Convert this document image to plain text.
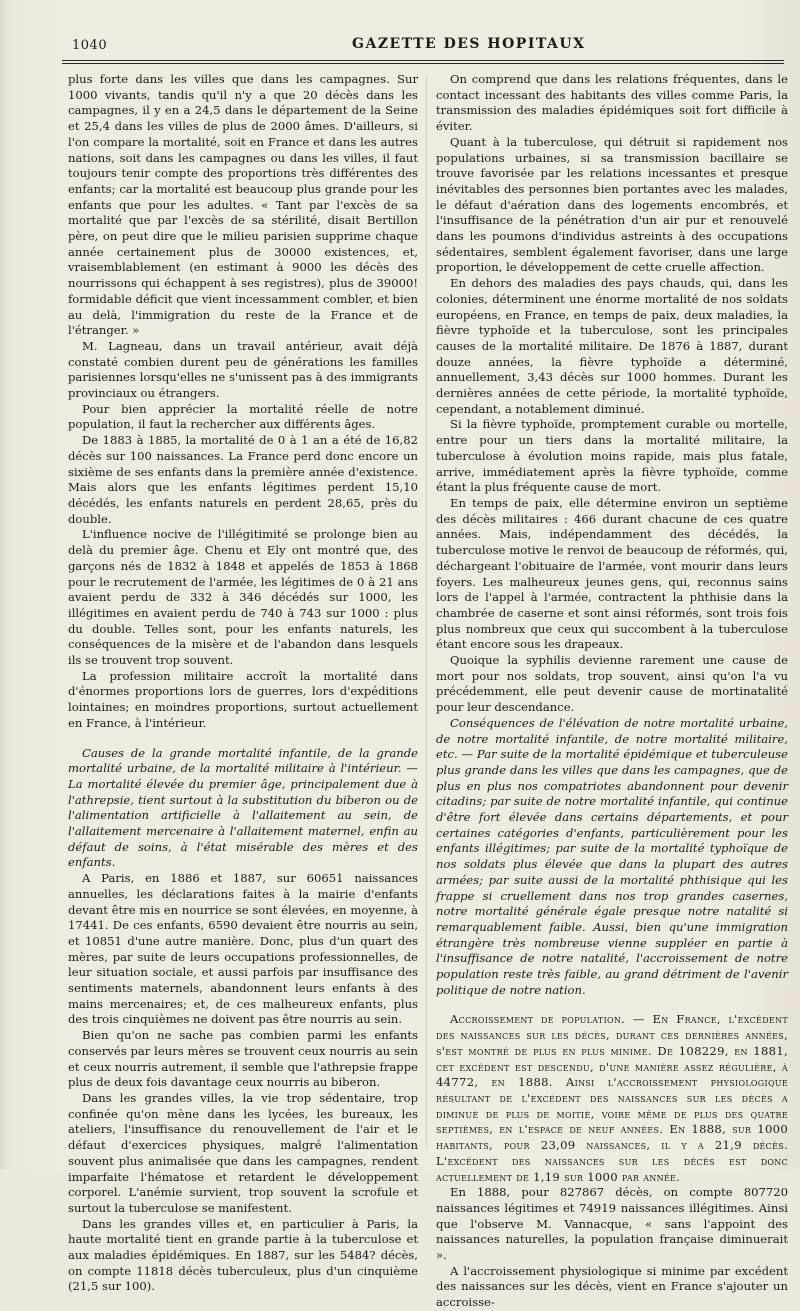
1040	GAZETTE DES HOPITAUX

plus forte dans les villes que dans les campagnes. Sur 1000 vivants, tandis qu'il n'y a que 20 décès dans les campagnes, il y en a 24,5 dans le département de la Seine et 25,4 dans les villes de plus de 2000 âmes. D'ailleurs, si l'on compare la mortalité, soit en France et dans les autres nations, soit dans les campagnes ou dans les villes, il faut toujours tenir compte des proportions très différentes des enfants; car la mortalité est beaucoup plus grande pour les enfants que pour les adultes. « Tant par l'excès de sa mortalité que par l'excès de sa stérilité, disait Bertillon père, on peut dire que le milieu parisien supprime chaque année certainement plus de 30000 existences, et, vraisemblablement (en estimant à 9000 les décès des nourrissons qui échappent à ses registres), plus de 39000! formidable déficit que vient incessamment combler, et bien au delà, l'immigration du reste de la France et de l'étranger. »

M. Lagneau, dans un travail antérieur, avait déjà constaté combien durent peu de générations les familles parisiennes lorsqu'elles ne s'unissent pas à des immigrants provinciaux ou étrangers.

Pour bien apprécier la mortalité réelle de notre population, il faut la rechercher aux différents âges.

De 1883 à 1885, la mortalité de 0 à 1 an a été de 16,82 décès sur 100 naissances. La France perd donc encore un sixième de ses enfants dans la première année d'existence. Mais alors que les enfants légitimes perdent 15,10 décédés, les enfants naturels en perdent 28,65, près du double.

L'influence nocive de l'illégitimité se prolonge bien au delà du premier âge. Chenu et Ely ont montré que, des garçons nés de 1832 à 1848 et appelés de 1853 à 1868 pour le recrutement de l'armée, les légitimes de 0 à 21 ans avaient perdu de 332 à 346 décédés sur 1000, les illégitimes en avaient perdu de 740 à 743 sur 1000 : plus du double. Telles sont, pour les enfants naturels, les conséquences de la misère et de l'abandon dans lesquels ils se trouvent trop souvent.

La profession militaire accroît la mortalité dans d'énormes proportions lors de guerres, lors d'expéditions lointaines; en moindres proportions, surtout actuellement en France, à l'intérieur.

Causes de la grande mortalité infantile, de la grande mortalité urbaine, de la mortalité militaire à l'intérieur. — La mortalité élevée du premier âge, principalement due à l'athrepsie, tient surtout à la substitution du biberon ou de l'alimentation artificielle à l'allaitement au sein, de l'allaitement mercenaire à l'allaitement maternel, enfin au défaut de soins, à l'état misérable des mères et des enfants.

A Paris, en 1886 et 1887, sur 60651 naissances annuelles, les déclarations faites à la mairie d'enfants devant être mis en nourrice se sont élevées, en moyenne, à 17441. De ces enfants, 6590 devaient être nourris au sein, et 10851 d'une autre manière. Donc, plus d'un quart des mères, par suite de leurs occupations professionnelles, de leur situation sociale, et aussi parfois par insuffisance des sentiments maternels, abandonnent leurs enfants à des mains mercenaires; et, de ces malheureux enfants, plus des trois cinquièmes ne doivent pas être nourris au sein.

Bien qu'on ne sache pas combien parmi les enfants conservés par leurs mères se trouvent ceux nourris au sein et ceux nourris autrement, il semble que l'athrepsie frappe plus de deux fois davantage ceux nourris au biberon.

Dans les grandes villes, la vie trop sédentaire, trop confinée qu'on mène dans les lycées, les bureaux, les ateliers, l'insuffisance du renouvellement de l'air et le défaut d'exercices physiques, malgré l'alimentation souvent plus animalisée que dans les campagnes, rendent imparfaite l'hématose et retardent le développement corporel. L'anémie survient, trop souvent la scrofule et surtout la tuberculose se manifestent.

Dans les grandes villes et, en particulier à Paris, la haute mortalité tient en grande partie à la tuberculose et aux maladies épidémiques. En 1887, sur les 5484? décès, on compte 11818 décès tuberculeux, plus d'un cinquième (21,5 sur 100).

On comprend que dans les relations fréquentes, dans le contact incessant des habitants des villes comme Paris, la transmission des maladies épidémiques soit fort difficile à éviter.

Quant à la tuberculose, qui détruit si rapidement nos populations urbaines, si sa transmission bacillaire se trouve favorisée par les relations incessantes et presque inévitables des personnes bien portantes avec les malades, le défaut d'aération dans des logements encombrés, et l'insuffisance de la pénétration d'un air pur et renouvelé dans les poumons d'individus astreints à des occupations sédentaires, semblent également favoriser, dans une large proportion, le développement de cette cruelle affection.

En dehors des maladies des pays chauds, qui, dans les colonies, déterminent une énorme mortalité de nos soldats européens, en France, en temps de paix, deux maladies, la fièvre typhoïde et la tuberculose, sont les principales causes de la mortalité militaire. De 1876 à 1887, durant douze années, la fièvre typhoïde a déterminé, annuellement, 3,43 décès sur 1000 hommes. Durant les dernières années de cette période, la mortalité typhoïde, cependant, a notablement diminué.

Si la fièvre typhoïde, promptement curable ou mortelle, entre pour un tiers dans la mortalité militaire, la tuberculose à évolution moins rapide, mais plus fatale, arrive, immédiatement après la fièvre typhoïde, comme étant la plus fréquente cause de mort.

En temps de paix, elle détermine environ un septième des décès militaires : 466 durant chacune de ces quatre années. Mais, indépendamment des décédés, la tuberculose motive le renvoi de beaucoup de réformés, qui, déchargeant l'obituaire de l'armée, vont mourir dans leurs foyers. Les malheureux jeunes gens, qui, reconnus sains lors de l'appel à l'armée, contractent la phthisie dans la chambrée de caserne et sont ainsi réformés, sont trois fois plus nombreux que ceux qui succombent à la tuberculose étant encore sous les drapeaux.

Quoique la syphilis devienne rarement une cause de mort pour nos soldats, trop souvent, ainsi qu'on l'a vu précédemment, elle peut devenir cause de mortinatalité pour leur descendance.

Conséquences de l'élévation de notre mortalité urbaine, de notre mortalité infantile, de notre mortalité militaire, etc. — Par suite de la mortalité épidémique et tuberculeuse plus grande dans les villes que dans les campagnes, que de plus en plus nos compatriotes abandonnent pour devenir citadins; par suite de notre mortalité infantile, qui continue d'être fort élevée dans certains départements, et pour certaines catégories d'enfants, particulièrement pour les enfants illégitimes; par suite de la mortalité typhoïque de nos soldats plus élevée que dans la plupart des autres armées; par suite aussi de la mortalité phthisique qui les frappe si cruellement dans nos trop grandes casernes, notre mortalité générale égale presque notre natalité si remarquablement faible. Aussi, bien qu'une immigration étrangère très nombreuse vienne suppléer en partie à l'insuffisance de notre natalité, l'accroissement de notre population reste très faible, au grand détriment de l'avenir politique de notre nation.

Accroissement de population. — En France, l'excédent des naissances sur les décès, durant ces dernières années, s'est montré de plus en plus minime. De 108229, en 1881, cet excédent est descendu, d'une manière assez régulière, à 44772, en 1888. Ainsi l'accroissement physiologique résultant de l'excédent des naissances sur les décès a diminué de plus de moitié, voire même de plus des quatre septièmes, en l'espace de neuf années. En 1888, sur 1000 habitants, pour 23,09 naissances, il y a 21,9 décès. L'excédent des naissances sur les décès est donc actuellement de 1,19 sur 1000 par année.

En 1888, pour 827867 décès, on compte 807720 naissances légitimes et 74919 naissances illégitimes. Ainsi que l'observe M. Vannacque, « sans l'appoint des naissances naturelles, la population française diminuerait ».

A l'accroissement physiologique si minime par excédent des naissances sur les décès, vient en France s'ajouter un accroisse-
